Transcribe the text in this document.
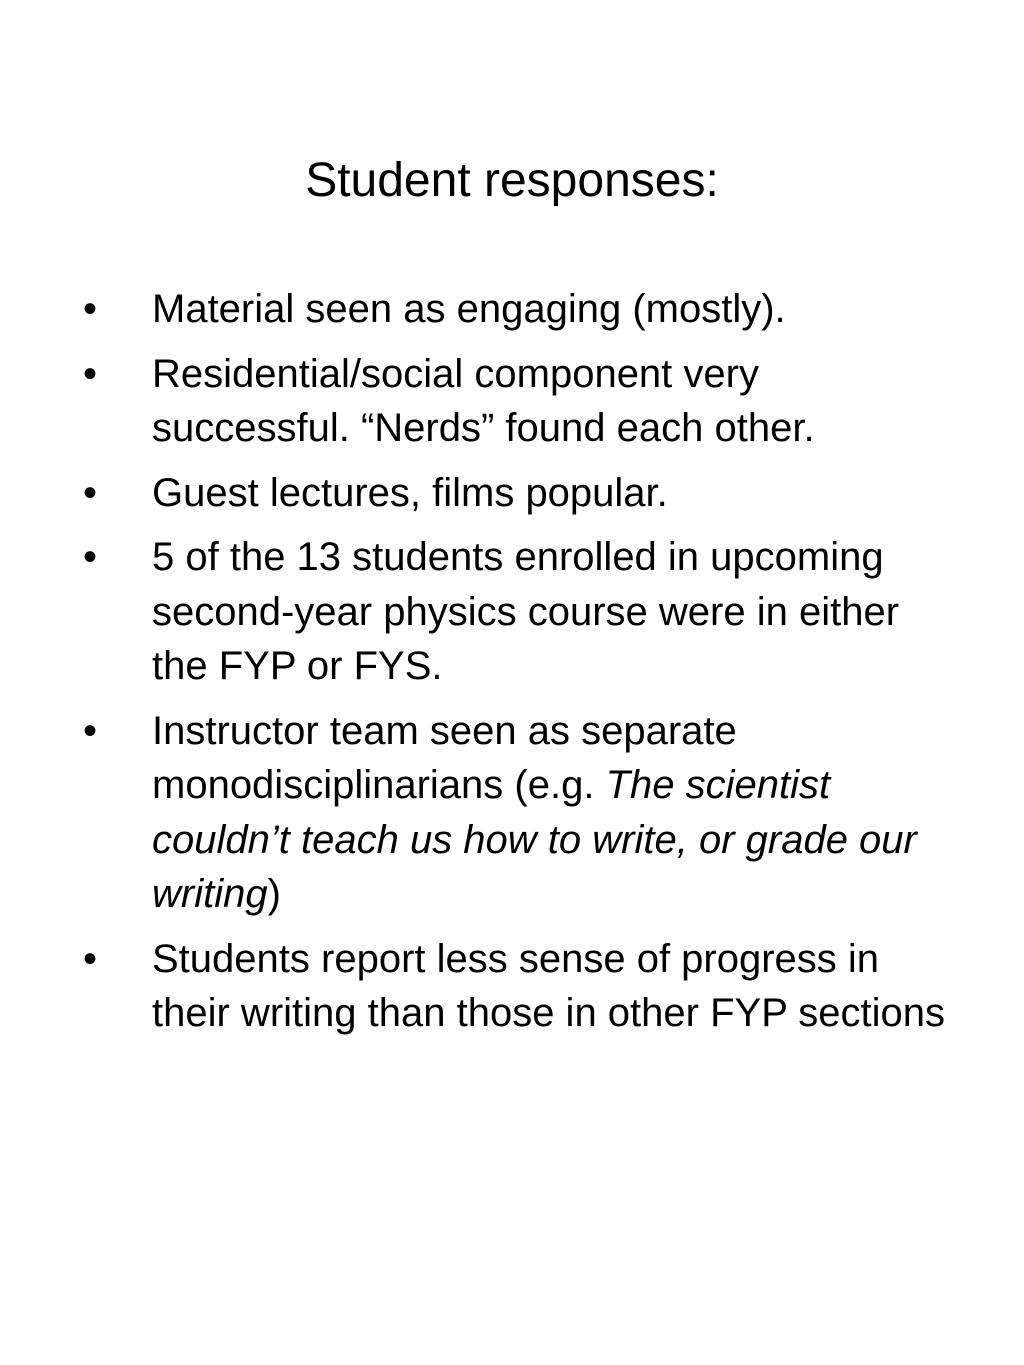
Student responses:
• Material seen as engaging (mostly).
• Residential/social component very successful. “Nerds” found each other.
• Guest lectures, films popular.
• 5 of the 13 students enrolled in upcoming second-year physics course were in either the FYP or FYS.
• Instructor team seen as separate monodisciplinarians (e.g. The scientist couldn’t teach us how to write, or grade our writing)
• Students report less sense of progress in their writing than those in other FYP sections
